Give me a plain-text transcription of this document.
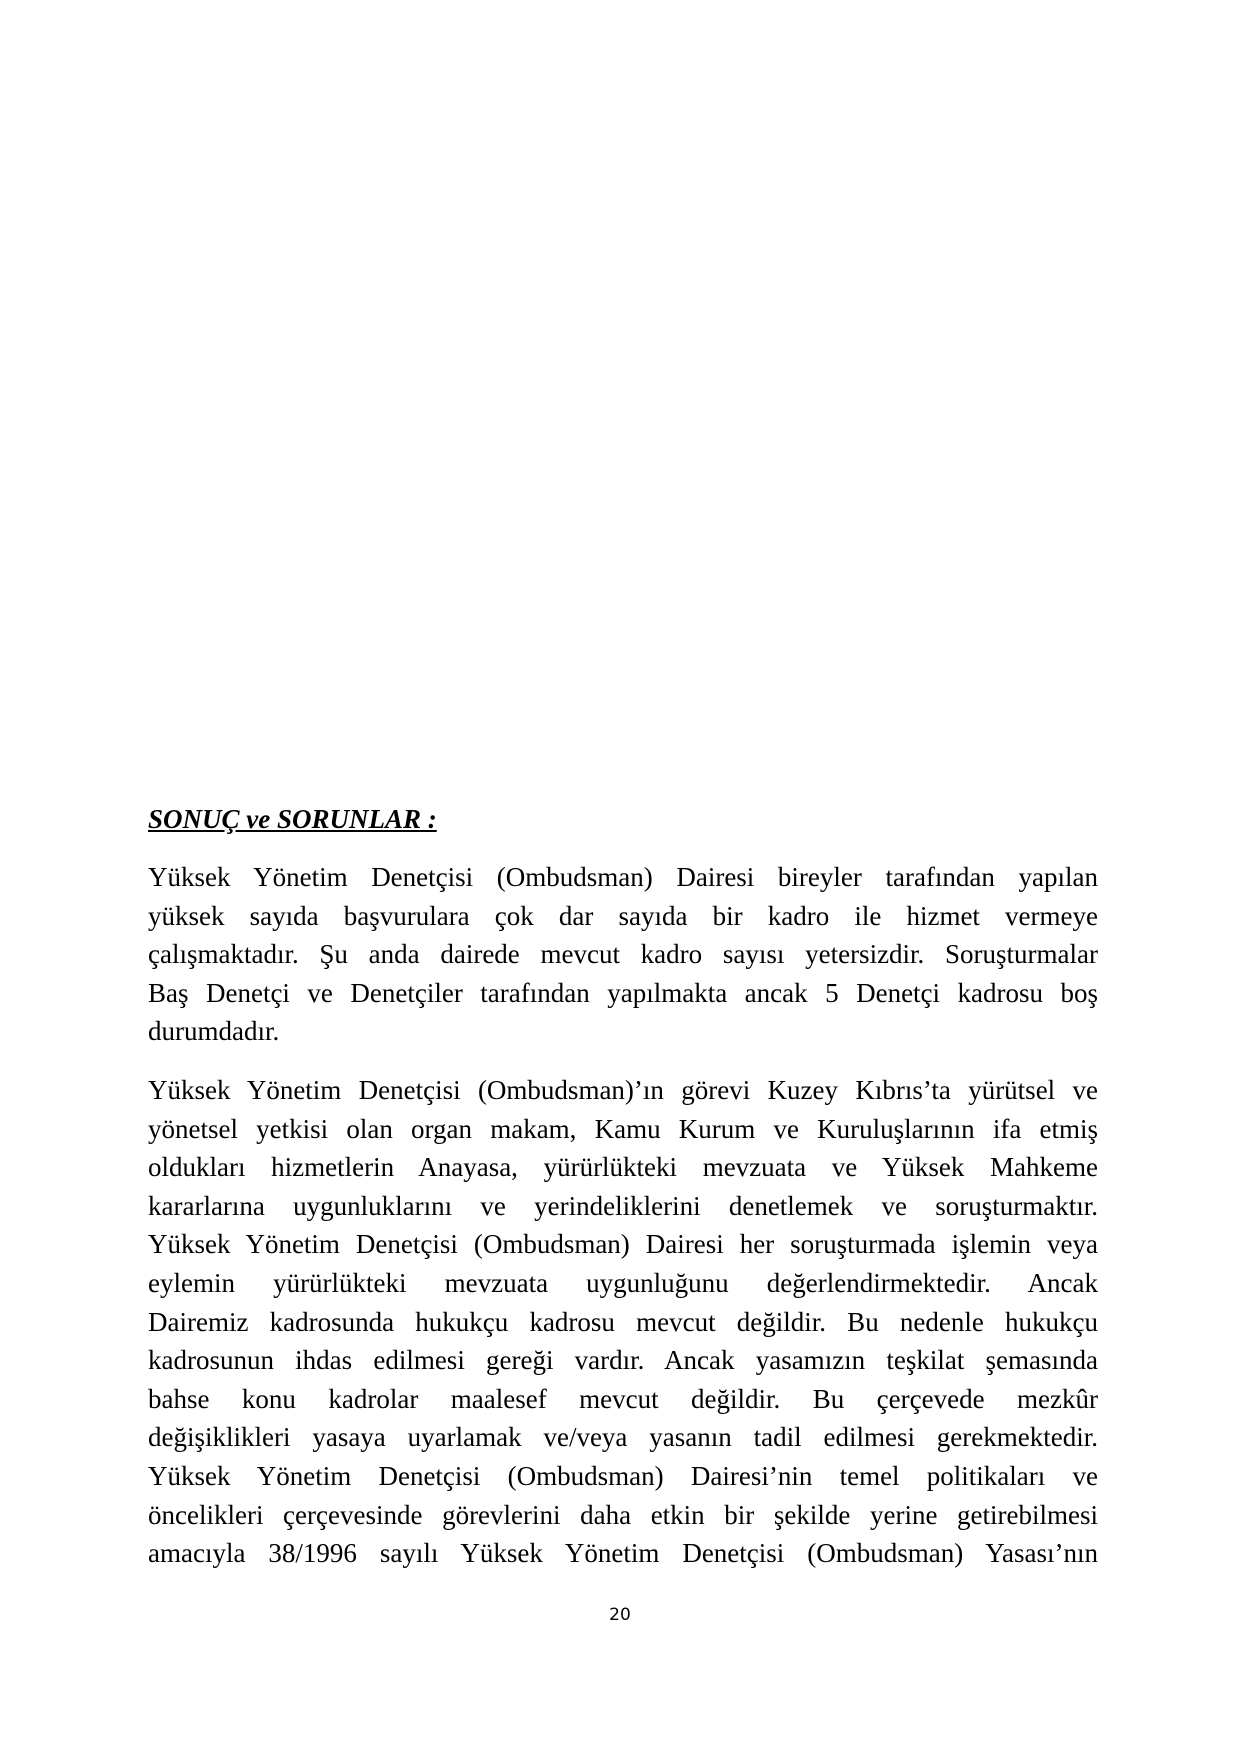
SONUÇ ve SORUNLAR :

Yüksek Yönetim Denetçisi (Ombudsman) Dairesi bireyler tarafından yapılan
yüksek sayıda başvurulara çok dar sayıda bir kadro ile hizmet vermeye
çalışmaktadır. Şu anda dairede mevcut kadro sayısı yetersizdir. Soruşturmalar
Baş Denetçi ve Denetçiler tarafından yapılmakta ancak 5 Denetçi kadrosu boş
durumdadır.

Yüksek Yönetim Denetçisi (Ombudsman)’ın görevi Kuzey Kıbrıs’ta yürütsel ve
yönetsel yetkisi olan organ makam, Kamu Kurum ve Kuruluşlarının ifa etmiş
oldukları hizmetlerin Anayasa, yürürlükteki mevzuata ve Yüksek Mahkeme
kararlarına uygunluklarını ve yerindeliklerini denetlemek ve soruşturmaktır.
Yüksek Yönetim Denetçisi (Ombudsman) Dairesi her soruşturmada işlemin veya
eylemin yürürlükteki mevzuata uygunluğunu değerlendirmektedir. Ancak
Dairemiz kadrosunda hukukçu kadrosu mevcut değildir. Bu nedenle hukukçu
kadrosunun ihdas edilmesi gereği vardır. Ancak yasamızın teşkilat şemasında
bahse konu kadrolar maalesef mevcut değildir. Bu çerçevede mezkûr
değişiklikleri yasaya uyarlamak ve/veya yasanın tadil edilmesi gerekmektedir.
Yüksek Yönetim Denetçisi (Ombudsman) Dairesi’nin temel politikaları ve
öncelikleri çerçevesinde görevlerini daha etkin bir şekilde yerine getirebilmesi
amacıyla 38/1996 sayılı Yüksek Yönetim Denetçisi (Ombudsman) Yasası’nın

20
